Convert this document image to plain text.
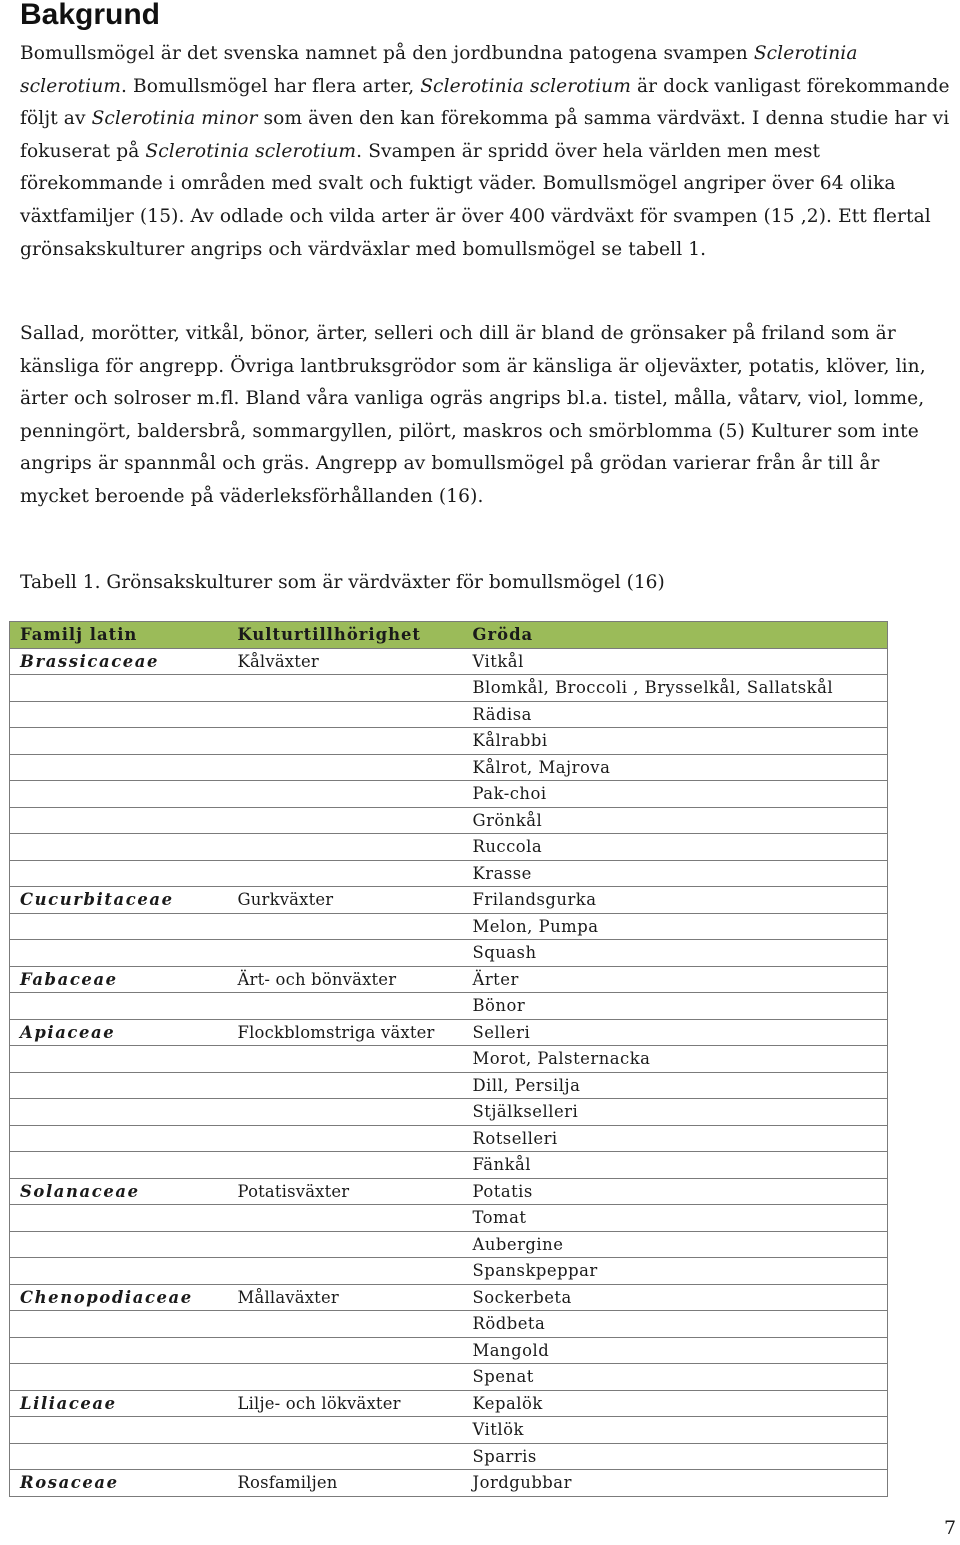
Bakgrund

Bomullsmögel är det svenska namnet på den jordbundna patogena svampen Sclerotinia sclerotium. Bomullsmögel har flera arter, Sclerotinia sclerotium är dock vanligast förekommande följt av Sclerotinia minor som även den kan förekomma på samma värdväxt. I denna studie har vi fokuserat på Sclerotinia sclerotium. Svampen är spridd över hela världen men mest förekommande i områden med svalt och fuktigt väder. Bomullsmögel angriper över 64 olika växtfamiljer (15). Av odlade och vilda arter är över 400 värdväxt för svampen (15 ,2). Ett flertal grönsakskulturer angrips och värdväxlar med bomullsmögel se tabell 1.

Sallad, morötter, vitkål, bönor, ärter, selleri och dill är bland de grönsaker på friland som är känsliga för angrepp. Övriga lantbruksgrödor som är känsliga är oljeväxter, potatis, klöver, lin, ärter och solroser m.fl. Bland våra vanliga ogräs angrips bl.a. tistel, målla, våtarv, viol, lomme, penningört, baldersbrå, sommargyllen, pilört, maskros och smörblomma (5) Kulturer som inte angrips är spannmål och gräs. Angrepp av bomullsmögel på grödan varierar från år till år mycket beroende på väderleksförhållanden (16).

Tabell 1. Grönsakskulturer som är värdväxter för bomullsmögel (16)

Familj latin	Kulturtillhörighet	Gröda
Brassicaceae	Kålväxter	Vitkål
		Blomkål, Broccoli , Brysselkål, Sallatskål
		Rädisa
		Kålrabbi
		Kålrot, Majrova
		Pak-choi
		Grönkål
		Ruccola
		Krasse
Cucurbitaceae	Gurkväxter	Frilandsgurka
		Melon, Pumpa
		Squash
Fabaceae	Ärt- och bönväxter	Ärter
		Bönor
Apiaceae	Flockblomstriga växter	Selleri
		Morot, Palsternacka
		Dill, Persilja
		Stjälkselleri
		Rotselleri
		Fänkål
Solanaceae	Potatisväxter	Potatis
		Tomat
		Aubergine
		Spanskpeppar
Chenopodiaceae	Mållaväxter	Sockerbeta
		Rödbeta
		Mangold
		Spenat
Liliaceae	Lilje- och lökväxter	Kepalök
		Vitlök
		Sparris
Rosaceae	Rosfamiljen	Jordgubbar
7
